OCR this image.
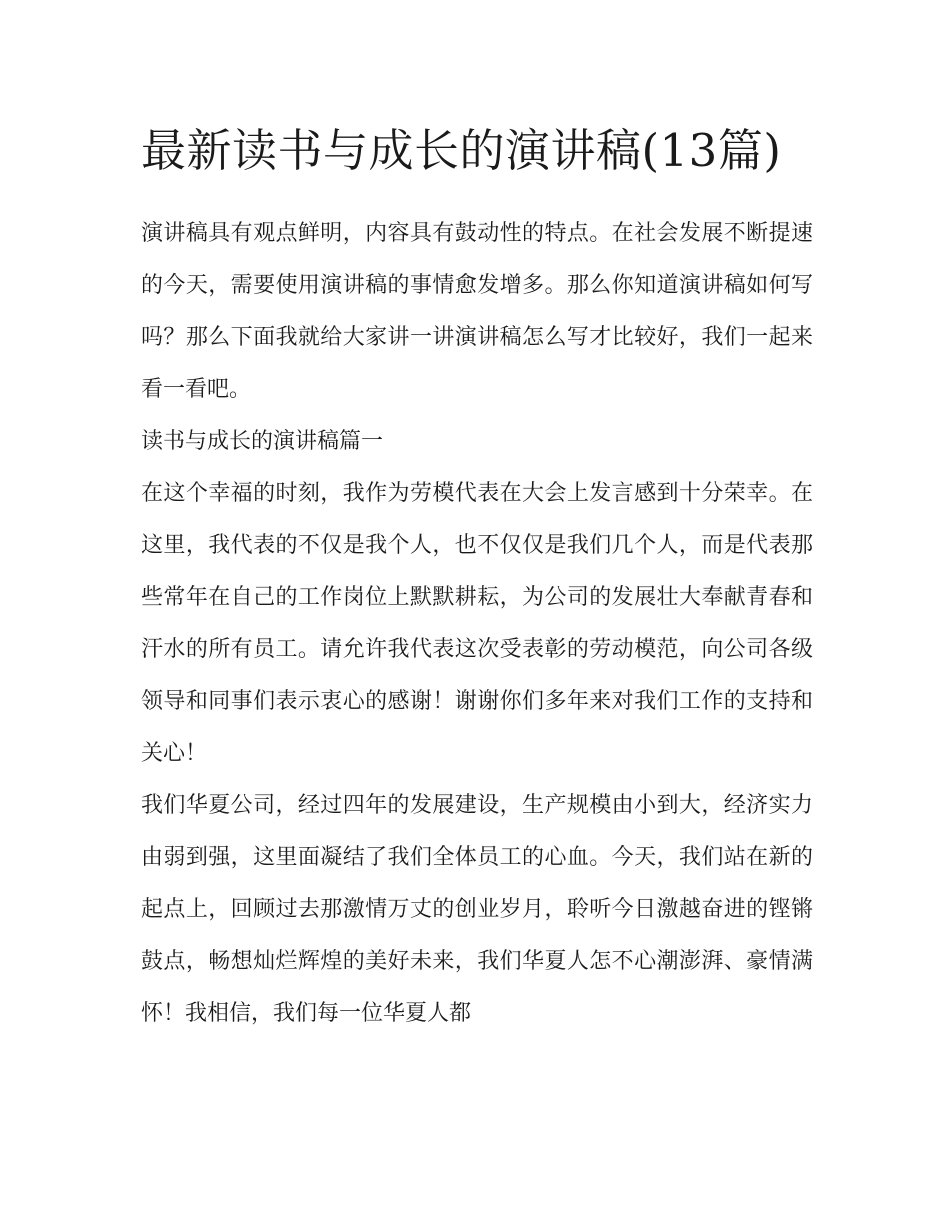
最新读书与成长的演讲稿(13篇)

演讲稿具有观点鲜明，内容具有鼓动性的特点。在社会发展不断提速的今天，需要使用演讲稿的事情愈发增多。那么你知道演讲稿如何写吗？那么下面我就给大家讲一讲演讲稿怎么写才比较好，我们一起来看一看吧。

读书与成长的演讲稿篇一

在这个幸福的时刻，我作为劳模代表在大会上发言感到十分荣幸。在这里，我代表的不仅是我个人，也不仅仅是我们几个人，而是代表那些常年在自己的工作岗位上默默耕耘，为公司的发展壮大奉献青春和汗水的所有员工。请允许我代表这次受表彰的劳动模范，向公司各级领导和同事们表示衷心的感谢！谢谢你们多年来对我们工作的支持和关心！

我们华夏公司，经过四年的发展建设，生产规模由小到大，经济实力由弱到强，这里面凝结了我们全体员工的心血。今天，我们站在新的起点上，回顾过去那激情万丈的创业岁月，聆听今日激越奋进的铿锵鼓点，畅想灿烂辉煌的美好未来，我们华夏人怎不心潮澎湃、豪情满怀！我相信，我们每一位华夏人都
